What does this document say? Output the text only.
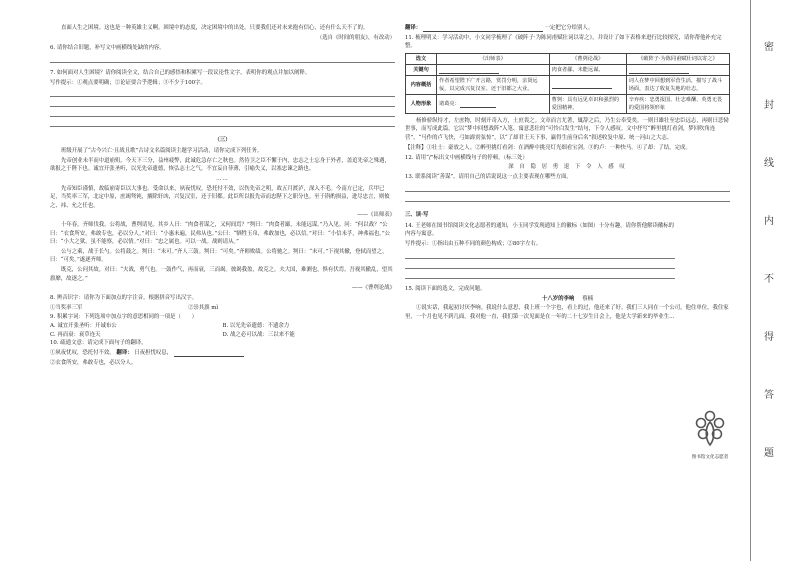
直面人生之困境。这也是一种英雄主义啊。困境中的态度，决定困境中的出处。只要我们还对未来抱有信心，还有什么天不了的。

（选自《时间的朋友》，有改动）

6. 请你结合旧题，补写文中画横线处缺的内容。

7. 如何面对人生困境？请你阅读全文，结合自己的感悟和积累写一段议论性文字，表明你的观点并加以阐释。

写作提示：①观点要明确；②论证要合乎逻辑；③不少于100字。

（三）

班级开展了“古今兴亡·且战且歌”古诗文名篇阅读主题学习活动，请你完成下列任务。

先帝创业未半而中道崩殂，今天下三分，益州疲弊，此诚危急存亡之秋也。然侍卫之臣不懈于内，忠志之士忘身于外者，盖追先帝之殊遇，欲报之于陛下也。诚宜开张圣听，以光先帝遗德，恢弘志士之气，不宜妄自菲薄，引喻失义，以塞忠谏之路也。

……

先帝知臣谨慎，故临崩寄臣以大事也。受命以来，夙夜忧叹，恐托付不效，以伤先帝之明，故五月渡泸，深入不毛。今南方已定，兵甲已足，当奖率三军，北定中原，庶竭驽钝，攘除奸凶，兴复汉室，还于旧都。此臣所以报先帝而忠陛下之职分也。至于斟酌损益，进尽忠言，则攸之、祎、允之任也。

——《出师表》

十年春，齐师伐我。公将战，曹刿请见。其乡人曰：“肉食者谋之，又何间焉？”刿曰：“肉食者鄙，未能远谋。”乃入见。问：“何以战？”公曰：“衣食所安，弗敢专也，必以分人。”对曰：“小惠未遍，民弗从也。”公曰：“牺牲玉帛，弗敢加也，必以信。”对曰：“小信未孚，神弗福也。”公曰：“小大之狱，虽不能察，必以情。”对曰：“忠之属也。可以一战。战则请从。”

公与之乘，战于长勺。公将鼓之。刿曰：“未可。”齐人三鼓。刿曰：“可矣。”齐师败绩。公将驰之。刿曰：“未可。”下视其辙，登轼而望之，曰：“可矣。”遂逐齐师。

既克，公问其故。对曰：“夫战，勇气也。一鼓作气，再而衰，三而竭。彼竭我盈，故克之。夫大国，难测也，惧有伏焉。吾视其辙乱，望其旗靡，故逐之。”

——《曹刿论战》

8. 辨音识字：请你为下面加点的字注音，根据拼音写出汉字。

①当奖率三军	②崇其旗 mǐ

9. 积累字词：下列选项中加点字的意思相同的一项是（　　）

A. 诚宜开张圣听：开诚布公	B. 以光先帝遗德：不遗余力
C. 再而衰：衰草连天	D. 战之必可以战：三以来不能

10. 疏通文意：请完成下面句子的翻译。

①夙夜忧叹，恐托付不效。 翻译： 日夜担忧叹息，

②衣食所安，弗敢专也，必以分人。

翻译：	一定把它分给别人。

11. 梳理明义：学习活动中，小文同学梳理了《破阵子·为陈同甫赋壮词以寄之》，并设计了如下表格来进行比较探究，请你帮他补充完整。

选文	《出师表》	《曹刿论战》	《破阵子·为陈同甫赋壮词以寄之》
关键句		肉食者鄙，未能远谋。	
内容概括	作者希望陛下广开言路，赏罚分明，亲贤远佞，以完成兴复汉室、还于旧都之大业。		词人在梦中回想到军营生活，描写了战斗场面，表达了收复失地的壮志。
人物形象	诸葛亮：	曹刿：具有远见卓识和强烈的爱国精神。	辛弃疾：忠勇报国、壮志难酬、英勇无畏的爱国将领形象

杨修骄纵恃才，左庶物，时刻开奇入方，士庶畏之。文章而言尤著，辄辞之后，乃生公奉受矣。一则曰雄壮至忠臣远志，再则曰悲恸世事，而写成此篇。它以“梦中回想战阵”入笔、寓意悲壮的“可怜白发生”结句，下令人感叹。文中抒写“醉里挑灯看剑，梦回吹角连营”，“马作的卢飞快，弓如霹雳弦惊”，以“了却君王天下事，赢得生前身后名”叙述收复中原、统一河山之大志。

【注释】①壮士：豪放之人。②醉里挑灯看剑：在酒醉中挑亮灯光细看宝剑。③的卢：一种快马。④了却：了结，完成。

12. 请用“/”标出文中画横线句子的停顿。（标三处）

深 自 隐 居 勇 退 下 令 人 感 叹

13. 联系阅读“善谋”，请用自己的话说说这一点主要表现在哪些方面。

三、读·写

14. 王老师在图书馆阅读文化志愿者的通知，小玉同学发现通知上的徽标（如图）十分有趣，请你帮他解读徽标的内容与寓意。

写作提示：①指出由五种不同的颜色构成；②80字左右。

15. 阅读下面的选文，完成问题。

十八岁的李响 蔡楠

①说实话，我起初讨厌李响。我说什么意思，我上班一个字也，看上的过，他还来了好。我们三人同在一个公司，他住单位，我住家里，一个月也见不到几面。我对他一直，我们第一次见面是在一年的二十七岁生日会上，他是大学新来的毕业生...

图书馆文化志愿者
密
封
线
内
不
得
答
题
